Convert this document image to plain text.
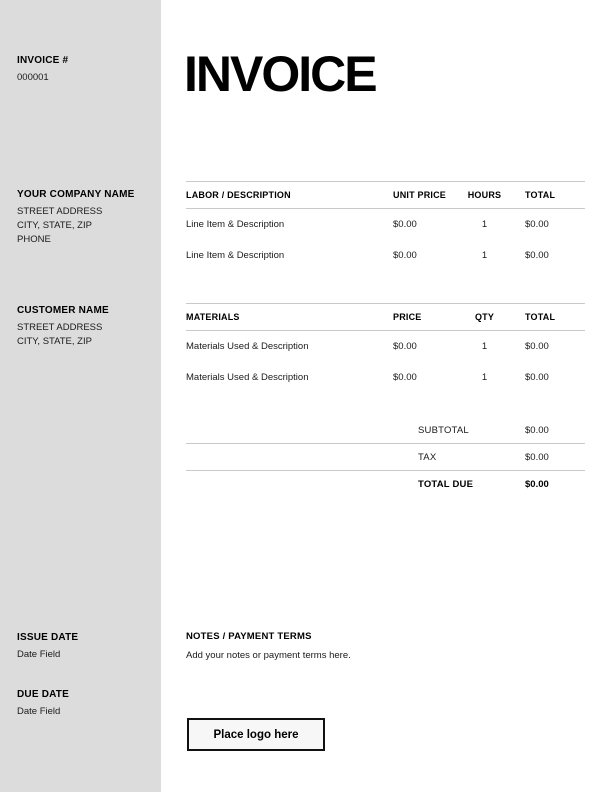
INVOICE #
000001
YOUR COMPANY NAME
STREET ADDRESS
CITY, STATE, ZIP
PHONE
CUSTOMER NAME
STREET ADDRESS
CITY, STATE, ZIP
ISSUE DATE
Date Field
DUE DATE
Date Field
INVOICE
LABOR / DESCRIPTION	UNIT PRICE	HOURS	TOTAL
Line Item & Description	$0.00	1	$0.00
Line Item & Description	$0.00	1	$0.00
MATERIALS	PRICE	QTY	TOTAL
Materials Used & Description	$0.00	1	$0.00
Materials Used & Description	$0.00	1	$0.00
SUBTOTAL	$0.00
TAX	$0.00
TOTAL DUE	$0.00
NOTES / PAYMENT TERMS
Add your notes or payment terms here.
Place logo here
